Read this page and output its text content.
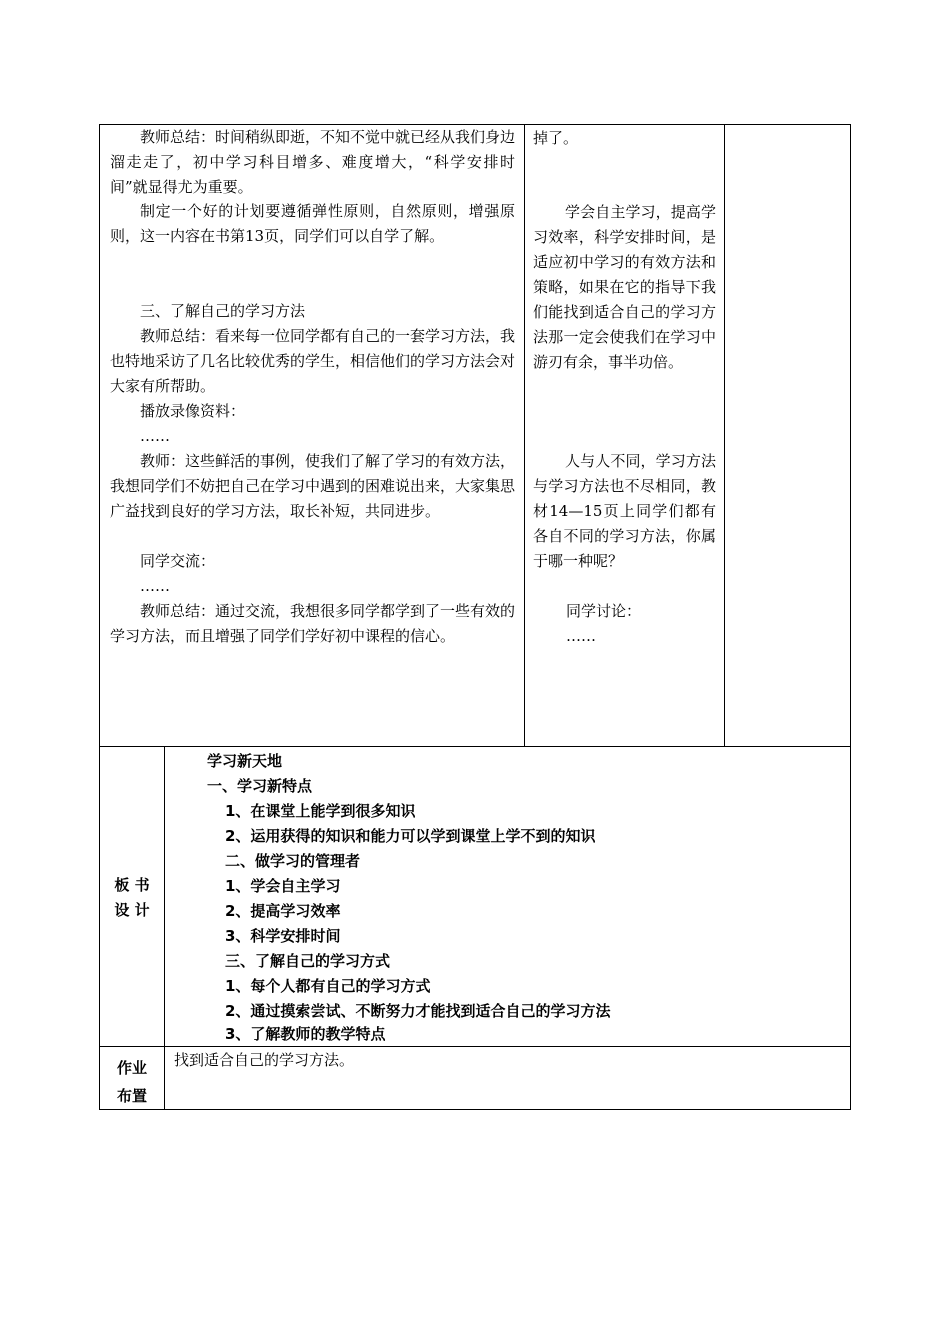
教师总结：时间稍纵即逝，不知不觉中就已经从我们身边溜走走了，初中学习科目增多、难度增大，“科学安排时间”就显得尤为重要。

制定一个好的计划要遵循弹性原则，自然原则，增强原则，这一内容在书第13页，同学们可以自学了解。

三、了解自己的学习方法

教师总结：看来每一位同学都有自己的一套学习方法，我也特地采访了几名比较优秀的学生，相信他们的学习方法会对大家有所帮助。

播放录像资料：

……

教师：这些鲜活的事例，使我们了解了学习的有效方法，我想同学们不妨把自己在学习中遇到的困难说出来，大家集思广益找到良好的学习方法，取长补短，共同进步。

同学交流：

……

教师总结：通过交流，我想很多同学都学到了一些有效的学习方法，而且增强了同学们学好初中课程的信心。

掉了。

学会自主学习，提高学习效率，科学安排时间，是适应初中学习的有效方法和策略，如果在它的指导下我们能找到适合自己的学习方法那一定会使我们在学习中游刃有余，事半功倍。

人与人不同，学习方法与学习方法也不尽相同，教材14—15页上同学们都有各自不同的学习方法，你属于哪一种呢？

同学讨论：

……

板 书
设 计

学习新天地

一、学习新特点

1、在课堂上能学到很多知识

2、运用获得的知识和能力可以学到课堂上学不到的知识

二、做学习的管理者

1、学会自主学习

2、提高学习效率

3、科学安排时间

三、了解自己的学习方式

1、每个人都有自己的学习方式

2、通过摸索尝试、不断努力才能找到适合自己的学习方法

3、了解教师的教学特点

作业
布置

找到适合自己的学习方法。
